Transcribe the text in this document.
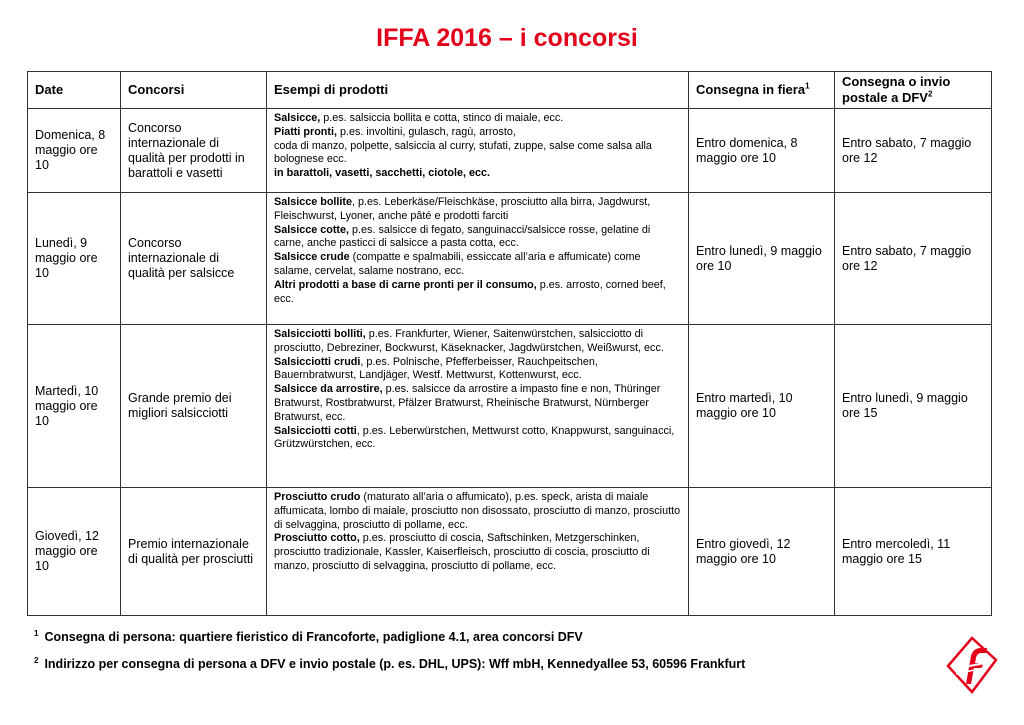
IFFA 2016 – i concorsi
Date	Concorsi	Esempi di prodotti	Consegna in fiera$^1$	Consegna o invio postale a DFV$^2$
Domenica, 8 maggio ore 10	Concorso internazionale di qualità per prodotti in barattoli e vasetti	Salsicce, p.es. salsiccia bollita e cotta, stinco di maiale, ecc.
Piatti pronti, p.es. involtini, gulasch, ragù, arrosto,
coda di manzo, polpette, salsiccia al curry, stufati, zuppe, salse come salsa alla bolognese ecc.
in barattoli, vasetti, sacchetti, ciotole, ecc.	Entro domenica, 8 maggio ore 10	Entro sabato, 7 maggio ore 12
Lunedì, 9 maggio ore 10	Concorso internazionale di qualità per salsicce	Salsicce bollite, p.es. Leberkäse/Fleischkäse, prosciutto alla birra, Jagdwurst, Fleischwurst, Lyoner, anche pâté e prodotti farciti
Salsicce cotte, p.es. salsicce di fegato, sanguinacci/salsicce rosse, gelatine di carne, anche pasticci di salsicce a pasta cotta, ecc.
Salsicce crude (compatte e spalmabili, essiccate all’aria e affumicate) come salame, cervelat, salame nostrano, ecc.
Altri prodotti a base di carne pronti per il consumo, p.es. arrosto, corned beef, ecc.	Entro lunedì, 9 maggio ore 10	Entro sabato, 7 maggio ore 12
Martedì, 10 maggio ore 10	Grande premio dei migliori salsicciotti	Salsicciotti bolliti, p.es. Frankfurter, Wiener, Saitenwürstchen, salsicciotto di prosciutto, Debreziner, Bockwurst, Käseknacker, Jagdwürstchen, Weißwurst, ecc.
Salsicciotti crudi, p.es. Polnische, Pfefferbeisser, Rauchpeitschen, Bauernbratwurst, Landjäger, Westf. Mettwurst, Kottenwurst, ecc.
Salsicce da arrostire, p.es. salsicce da arrostire a impasto fine e non, Thüringer Bratwurst, Rostbratwurst, Pfälzer Bratwurst, Rheinische Bratwurst, Nürnberger Bratwurst, ecc.
Salsicciotti cotti, p.es. Leberwürstchen, Mettwurst cotto, Knappwurst, sanguinacci, Grützwürstchen, ecc.	Entro martedì, 10 maggio ore 10	Entro lunedì, 9 maggio ore 15
Giovedì, 12 maggio ore 10	Premio internazionale di qualità per prosciutti	Prosciutto crudo (maturato all’aria o affumicato), p.es. speck, arista di maiale affumicata, lombo di maiale, prosciutto non disossato, prosciutto di manzo, prosciutto di selvaggina, prosciutto di pollame, ecc.
Prosciutto cotto, p.es. prosciutto di coscia, Saftschinken, Metzgerschinken, prosciutto tradizionale, Kassler, Kaiserfleisch, prosciutto di coscia, prosciutto di manzo, prosciutto di selvaggina, prosciutto di pollame, ecc.	Entro giovedì, 12 maggio ore 10	Entro mercoledì, 11 maggio ore 15
$^1$ Consegna di persona: quartiere fieristico di Francoforte, padiglione 4.1, area concorsi DFV
$^2$ Indirizzo per consegna di persona a DFV e invio postale (p. es. DHL, UPS): Wff mbH, Kennedyallee 53, 60596 Frankfurt
